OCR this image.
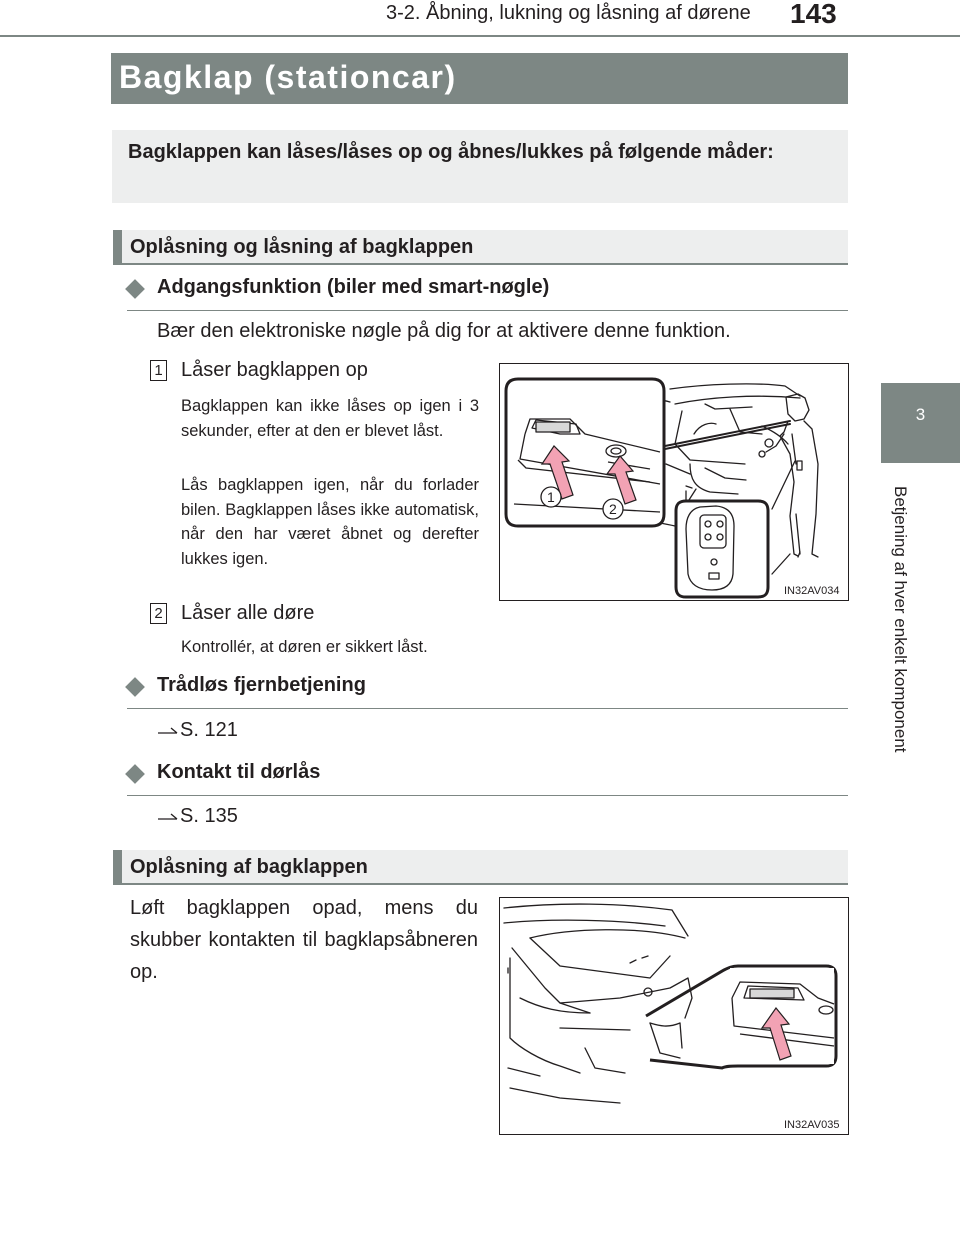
3-2. Åbning, lukning og låsning af dørene 143
3
Betjening af hver enkelt komponent
Bagklap (stationcar)
Bagklappen kan låses/låses op og åbnes/lukkes på følgende måder:
Oplåsning og låsning af bagklappen
Adgangsfunktion (biler med smart-nøgle)
Bær den elektroniske nøgle på dig for at aktivere denne funktion.
1 Låser bagklappen op
Bagklappen kan ikke låses op igen i 3 sekunder, efter at den er blevet låst.
Lås bagklappen igen, når du forlader bilen. Bagklappen låses ikke automatisk, når den har været åbnet og derefter lukkes igen.
2 Låser alle døre
Kontrollér, at døren er sikkert låst.
1
2
IN32AV034
Trådløs fjernbetjening
S. 121
Kontakt til dørlås
S. 135
Oplåsning af bagklappen
Løft bagklappen opad, mens du skubber kontakten til bagklapsåbneren op.
IN32AV035
